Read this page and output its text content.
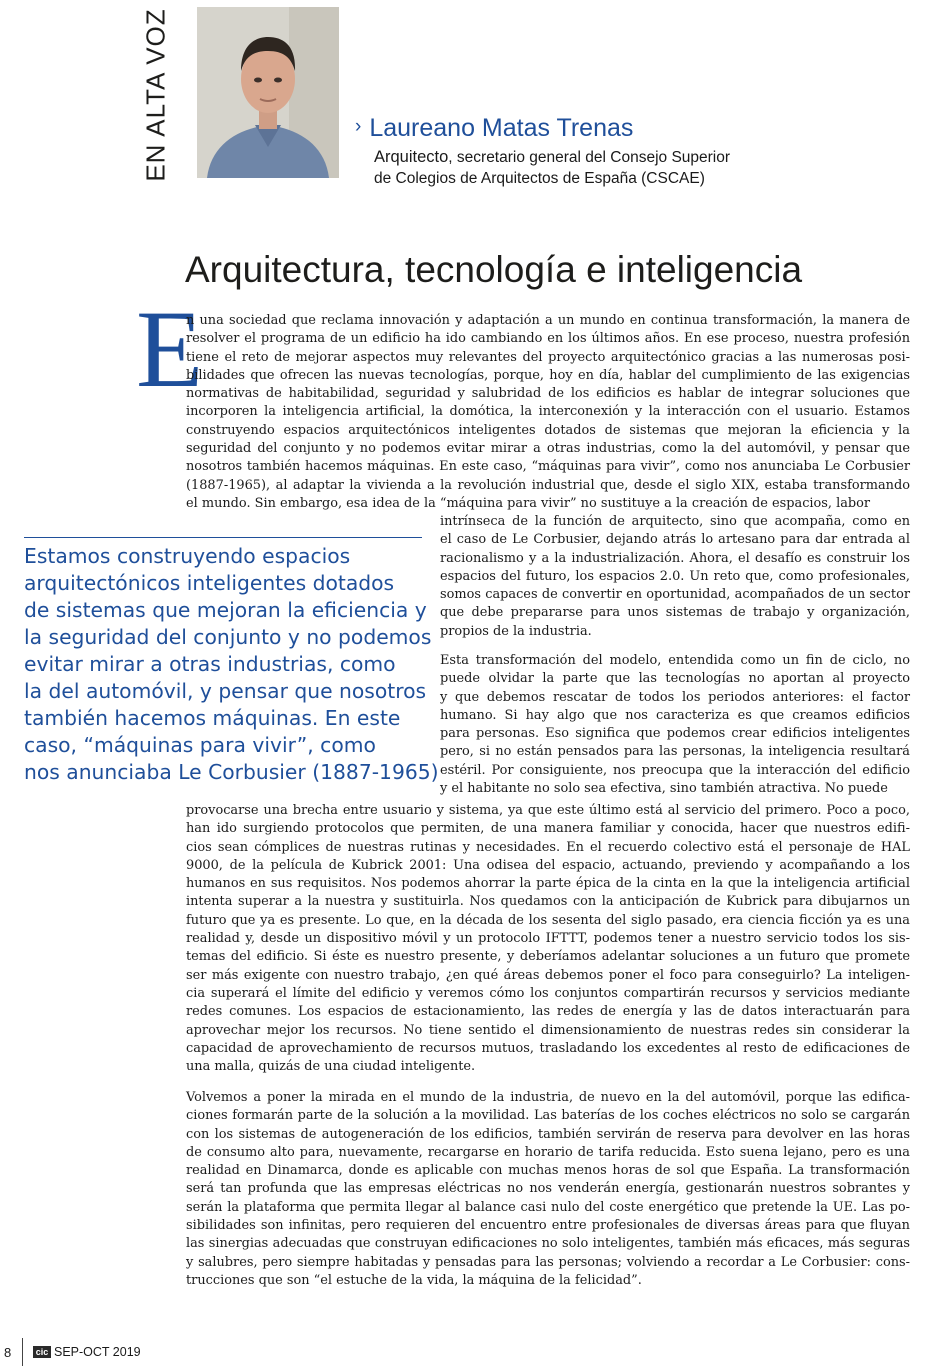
EN ALTA VOZ	› Laureano Matas Trenas
Arquitecto, secretario general del Consejo Superior
de Colegios de Arquitectos de España (CSCAE)
Arquitectura, tecnología e inteligencia
E

n una sociedad que reclama innovación y adaptación a un mundo en continua transformación, la manera de
resolver el programa de un edificio ha ido cambiando en los últimos años. En ese proceso, nuestra profesión
tiene el reto de mejorar aspectos muy relevantes del proyecto arquitectónico gracias a las numerosas posi-
bilidades que ofrecen las nuevas tecnologías, porque, hoy en día, hablar del cumplimiento de las exigencias
normativas de habitabilidad, seguridad y salubridad de los edificios es hablar de integrar soluciones que
incorporen la inteligencia artificial, la domótica, la interconexión y la interacción con el usuario. Estamos
construyendo espacios arquitectónicos inteligentes dotados de sistemas que mejoran la eficiencia y la
seguridad del conjunto y no podemos evitar mirar a otras industrias, como la del automóvil, y pensar que
nosotros también hacemos máquinas. En este caso, “máquinas para vivir”, como nos anunciaba Le Corbusier
(1887-1965), al adaptar la vivienda a la revolución industrial que, desde el siglo XIX, estaba transformando
el mundo. Sin embargo, esa idea de la “máquina para vivir” no sustituye a la creación de espacios, labor

Estamos construyendo espacios
arquitectónicos inteligentes dotados
de sistemas que mejoran la eficiencia y
la seguridad del conjunto y no podemos
evitar mirar a otras industrias, como
la del automóvil, y pensar que nosotros
también hacemos máquinas. En este
caso, “máquinas para vivir”, como
nos anunciaba Le Corbusier (1887-1965)

intrínseca de la función de arquitecto, sino que acompaña, como en
el caso de Le Corbusier, dejando atrás lo artesano para dar entrada al
racionalismo y a la industrialización. Ahora, el desafío es construir los
espacios del futuro, los espacios 2.0. Un reto que, como profesionales,
somos capaces de convertir en oportunidad, acompañados de un sector
que debe prepararse para unos sistemas de trabajo y organización,
propios de la industria.

Esta transformación del modelo, entendida como un fin de ciclo, no
puede olvidar la parte que las tecnologías no aportan al proyecto
y que debemos rescatar de todos los periodos anteriores: el factor
humano. Si hay algo que nos caracteriza es que creamos edificios
para personas. Eso significa que podemos crear edificios inteligentes
pero, si no están pensados para las personas, la inteligencia resultará
estéril. Por consiguiente, nos preocupa que la interacción del edificio
y el habitante no solo sea efectiva, sino también atractiva. No puede

provocarse una brecha entre usuario y sistema, ya que este último está al servicio del primero. Poco a poco,
han ido surgiendo protocolos que permiten, de una manera familiar y conocida, hacer que nuestros edifi-
cios sean cómplices de nuestras rutinas y necesidades. En el recuerdo colectivo está el personaje de HAL
9000, de la película de Kubrick 2001: Una odisea del espacio, actuando, previendo y acompañando a los
humanos en sus requisitos. Nos podemos ahorrar la parte épica de la cinta en la que la inteligencia artificial
intenta superar a la nuestra y sustituirla. Nos quedamos con la anticipación de Kubrick para dibujarnos un
futuro que ya es presente. Lo que, en la década de los sesenta del siglo pasado, era ciencia ficción ya es una
realidad y, desde un dispositivo móvil y un protocolo IFTTT, podemos tener a nuestro servicio todos los sis-
temas del edificio. Si éste es nuestro presente, y deberíamos adelantar soluciones a un futuro que promete
ser más exigente con nuestro trabajo, ¿en qué áreas debemos poner el foco para conseguirlo? La inteligen-
cia superará el límite del edificio y veremos cómo los conjuntos compartirán recursos y servicios mediante
redes comunes. Los espacios de estacionamiento, las redes de energía y las de datos interactuarán para
aprovechar mejor los recursos. No tiene sentido el dimensionamiento de nuestras redes sin considerar la
capacidad de aprovechamiento de recursos mutuos, trasladando los excedentes al resto de edificaciones de
una malla, quizás de una ciudad inteligente.

Volvemos a poner la mirada en el mundo de la industria, de nuevo en la del automóvil, porque las edifica-
ciones formarán parte de la solución a la movilidad. Las baterías de los coches eléctricos no solo se cargarán
con los sistemas de autogeneración de los edificios, también servirán de reserva para devolver en las horas
de consumo alto para, nuevamente, recargarse en horario de tarifa reducida. Esto suena lejano, pero es una
realidad en Dinamarca, donde es aplicable con muchas menos horas de sol que España. La transformación
será tan profunda que las empresas eléctricas no nos venderán energía, gestionarán nuestros sobrantes y
serán la plataforma que permita llegar al balance casi nulo del coste energético que pretende la UE. Las po-
sibilidades son infinitas, pero requieren del encuentro entre profesionales de diversas áreas para que fluyan
las sinergias adecuadas que construyan edificaciones no solo inteligentes, también más eficaces, más seguras
y salubres, pero siempre habitadas y pensadas para las personas; volviendo a recordar a Le Corbusier: cons-
trucciones que son “el estuche de la vida, la máquina de la felicidad”.

8	cic SEP-OCT 2019
